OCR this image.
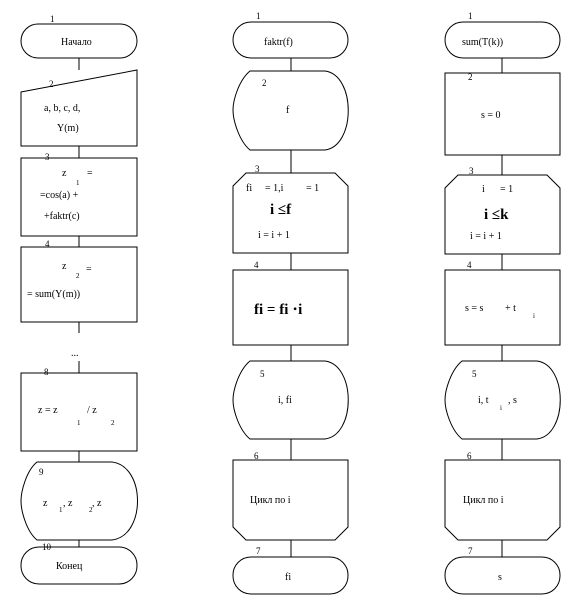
1
Начало
2
a, b, c, d,
Y(m)
3
z
1
=
=cos(a) +
+faktr(c)
4
z
2
=
= sum(Y(m))
...
8
z = z
1
/ z
2
9
z
1
, z
2
, z
10
Конец
1
faktr(f)
2
f
3
fi = 1,i = 1
i ≤f
i = i + 1
4
fi = fi ⋅i
5
i, fi
6
Цикл по i
7
fi
1
sum(T(k))
2
s = 0
3
i = 1
i ≤k
i = i + 1
4
s = s + t
i
5
i, t
i
, s
6
Цикл по i
7
s
